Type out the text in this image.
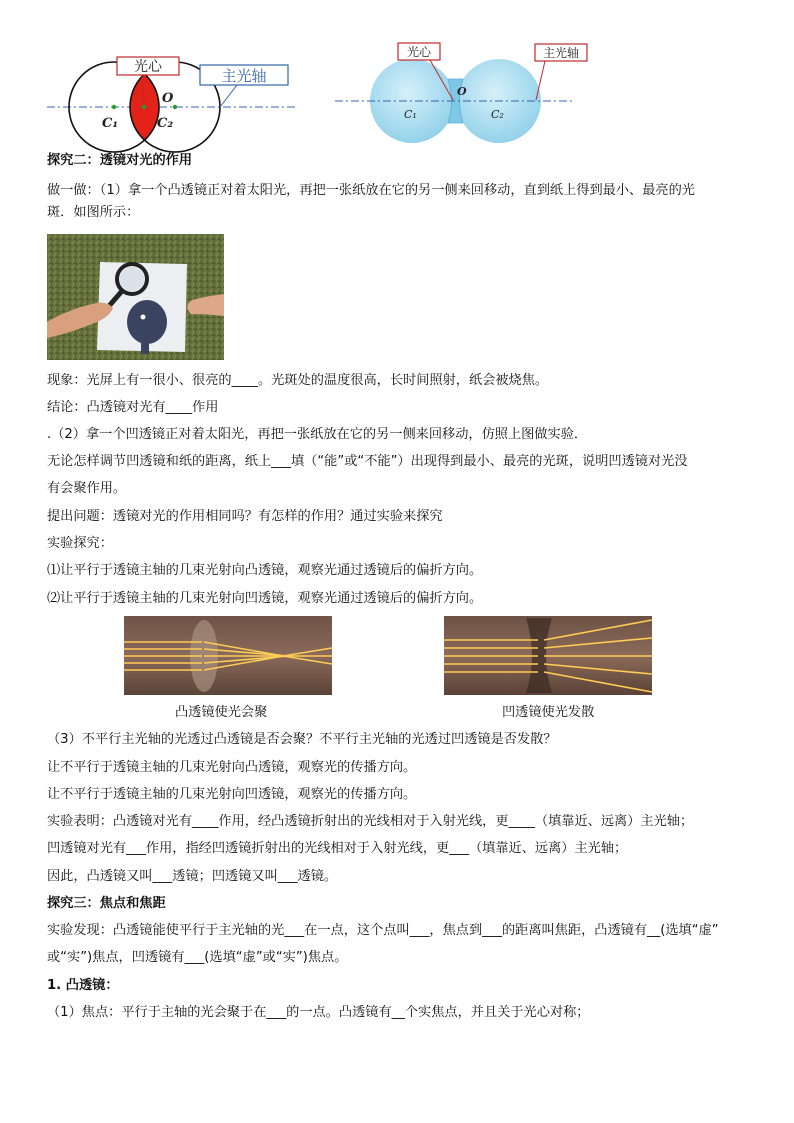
光心	主光轴
O
C₁	C₂
光心	主光轴
O
C₁	C₂
探究二：透镜对光的作用
做一做：（1）拿一个凸透镜正对着太阳光，再把一张纸放在它的另一侧来回移动，直到纸上得到最小、最亮的光
斑．如图所示：
现象：光屏上有一很小、很亮的____。光斑处的温度很高，长时间照射，纸会被烧焦。
结论：凸透镜对光有____作用
.（2）拿一个凹透镜正对着太阳光，再把一张纸放在它的另一侧来回移动，仿照上图做实验．
无论怎样调节凹透镜和纸的距离，纸上___填（“能”或“不能”）出现得到最小、最亮的光斑，说明凹透镜对光没
有会聚作用。
提出问题：透镜对光的作用相同吗？有怎样的作用？通过实验来探究
实验探究：
⑴让平行于透镜主轴的几束光射向凸透镜，观察光通过透镜后的偏折方向。
⑵让平行于透镜主轴的几束光射向凹透镜，观察光通过透镜后的偏折方向。
凸透镜使光会聚	凹透镜使光发散
（3）不平行主光轴的光透过凸透镜是否会聚？不平行主光轴的光透过凹透镜是否发散？
让不平行于透镜主轴的几束光射向凸透镜，观察光的传播方向。
让不平行于透镜主轴的几束光射向凹透镜，观察光的传播方向。
实验表明：凸透镜对光有____作用，经凸透镜折射出的光线相对于入射光线，更____（填靠近、远离）主光轴；
凹透镜对光有___作用，指经凹透镜折射出的光线相对于入射光线，更___（填靠近、远离）主光轴；
因此，凸透镜又叫___透镜；凹透镜又叫___透镜。
探究三：焦点和焦距
实验发现：凸透镜能使平行于主光轴的光___在一点，这个点叫___，焦点到___的距离叫焦距，凸透镜有__(选填“虚”
或“实”)焦点，凹透镜有___(选填“虚”或“实”)焦点。
1. 凸透镜：
（1）焦点：平行于主轴的光会聚于在___的一点。凸透镜有__个实焦点，并且关于光心对称；
